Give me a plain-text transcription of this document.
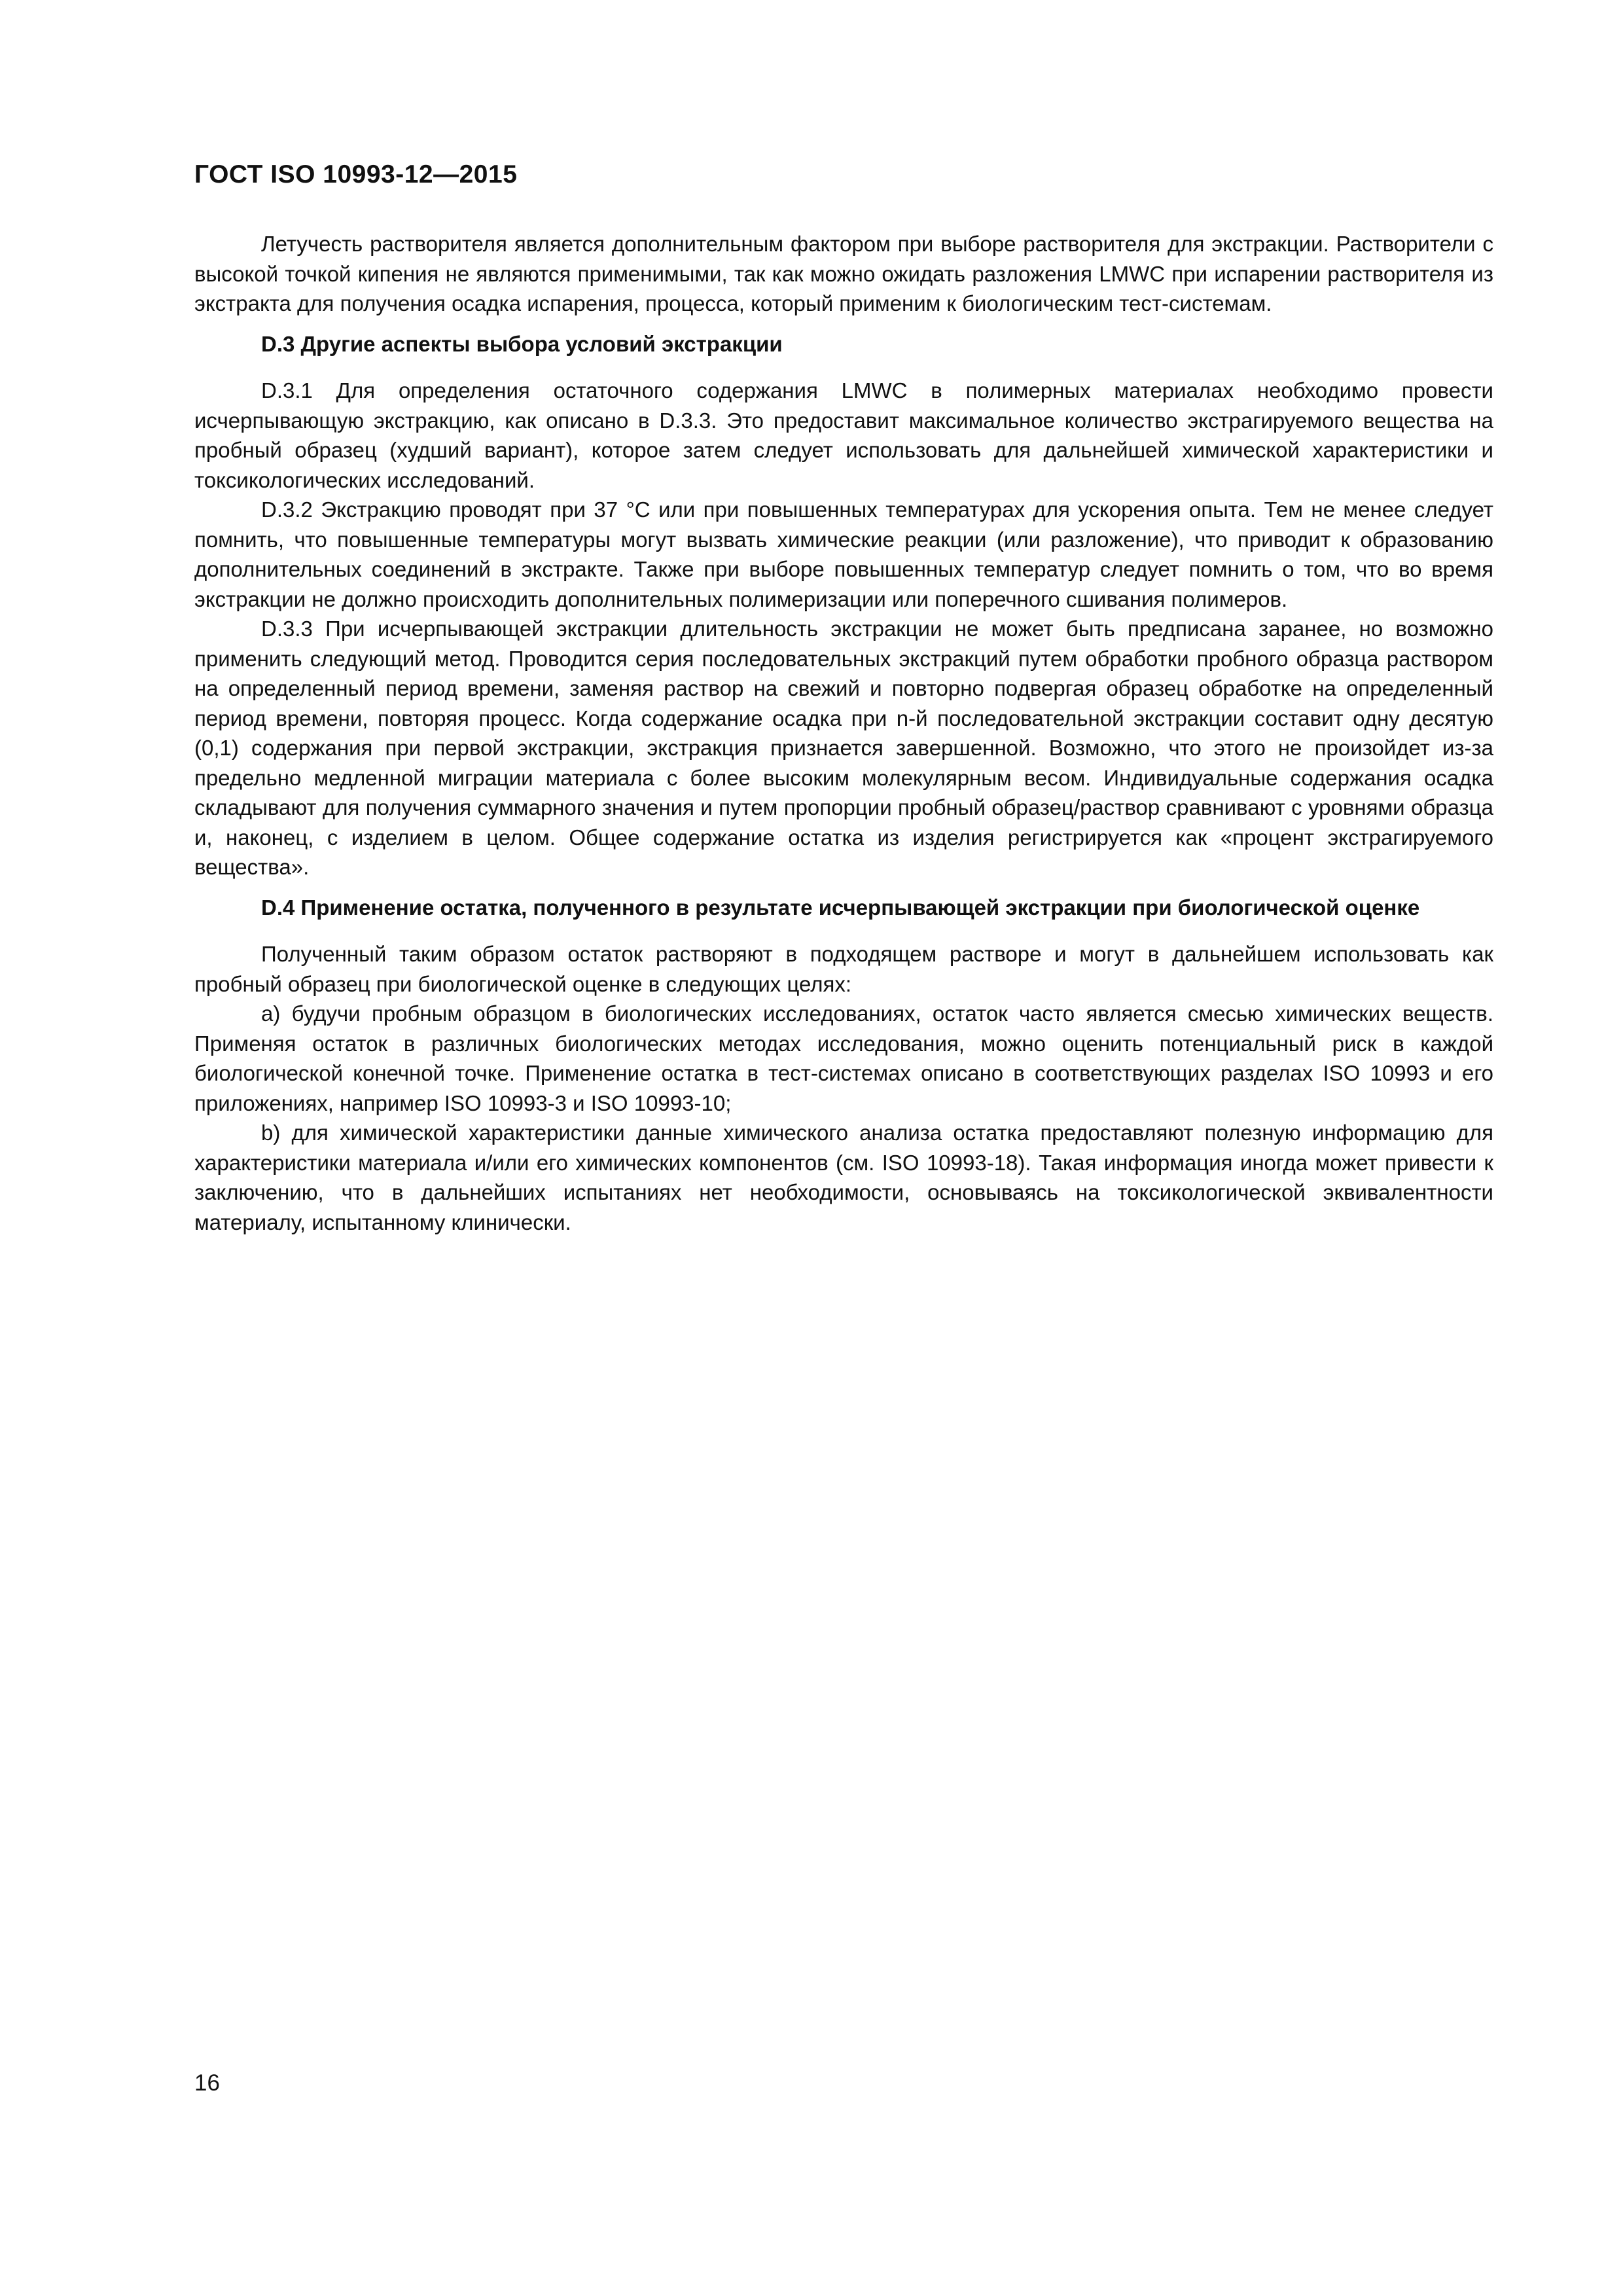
ГОСТ ISO 10993-12—2015

Летучесть растворителя является дополнительным фактором при выборе растворителя для экстракции. Растворители с высокой точкой кипения не являются применимыми, так как можно ожидать разложения LMWC при испарении растворителя из экстракта для получения осадка испарения, процесса, который применим к биологическим тест-системам.

D.3 Другие аспекты выбора условий экстракции

D.3.1 Для определения остаточного содержания LMWC в полимерных материалах необходимо провести исчерпывающую экстракцию, как описано в D.3.3. Это предоставит максимальное количество экстрагируемого вещества на пробный образец (худший вариант), которое затем следует использовать для дальнейшей химической характеристики и токсикологических исследований.

D.3.2 Экстракцию проводят при 37 °С или при повышенных температурах для ускорения опыта. Тем не менее следует помнить, что повышенные температуры могут вызвать химические реакции (или разложение), что приводит к образованию дополнительных соединений в экстракте. Также при выборе повышенных температур следует помнить о том, что во время экстракции не должно происходить дополнительных полимеризации или поперечного сшивания полимеров.

D.3.3 При исчерпывающей экстракции длительность экстракции не может быть предписана заранее, но возможно применить следующий метод. Проводится серия последовательных экстракций путем обработки пробного образца раствором на определенный период времени, заменяя раствор на свежий и повторно подвергая образец обработке на определенный период времени, повторяя процесс. Когда содержание осадка при n-й последовательной экстракции составит одну десятую (0,1) содержания при первой экстракции, экстракция признается завершенной. Возможно, что этого не произойдет из-за предельно медленной миграции материала с более высоким молекулярным весом. Индивидуальные содержания осадка складывают для получения суммарного значения и путем пропорции пробный образец/раствор сравнивают с уровнями образца и, наконец, с изделием в целом. Общее содержание остатка из изделия регистрируется как «процент экстрагируемого вещества».

D.4 Применение остатка, полученного в результате исчерпывающей экстракции при биологической оценке

Полученный таким образом остаток растворяют в подходящем растворе и могут в дальнейшем использовать как пробный образец при биологической оценке в следующих целях:

a) будучи пробным образцом в биологических исследованиях, остаток часто является смесью химических веществ. Применяя остаток в различных биологических методах исследования, можно оценить потенциальный риск в каждой биологической конечной точке. Применение остатка в тест-системах описано в соответствующих разделах ISO 10993 и его приложениях, например ISO 10993-3 и ISO 10993-10;

b) для химической характеристики данные химического анализа остатка предоставляют полезную информацию для характеристики материала и/или его химических компонентов (см. ISO 10993-18). Такая информация иногда может привести к заключению, что в дальнейших испытаниях нет необходимости, основываясь на токсикологической эквивалентности материалу, испытанному клинически.

16
